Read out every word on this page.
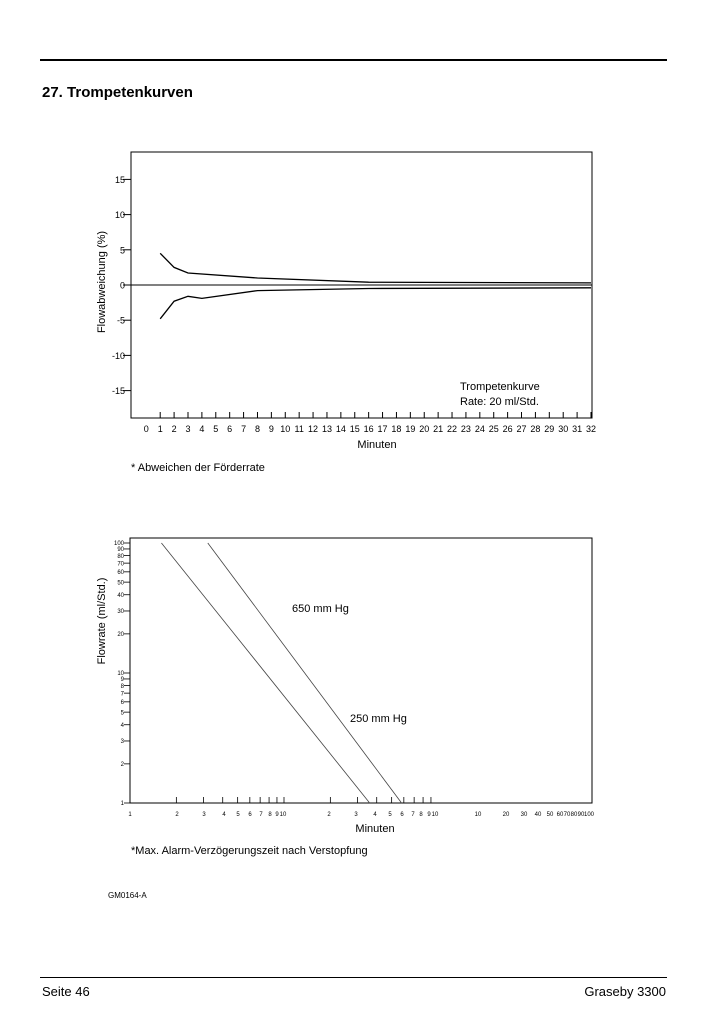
27. Trompetenkurven
Flowabweichung (%)
Minuten
Trompetenkurve
Rate: 20 ml/Std.
* Abweichen der Förderrate
Flowrate (ml/Std.)
Minuten
*Max. Alarm-Verzögerungszeit nach Verstopfung
15
10
5
0
-5
-10
-15
0 1 2 3 4 5 6 7 8 9 10 11 12 13 14 15 16 17 18 19 20 21 22 23 24 25 26 27 28 29 30 31 32
1
2
3
4
5
6
7
8
9
10
20
30
40
50
60
70
80
90
100
1	2	3	4 5 6 7 8 9 10	2	3	4 5 6 7 8 9 10	10	20 30 40 50 60 70 80 90 100
250 mm Hg
650 mm Hg
GM0164-A
Seite 46	Graseby 3300
